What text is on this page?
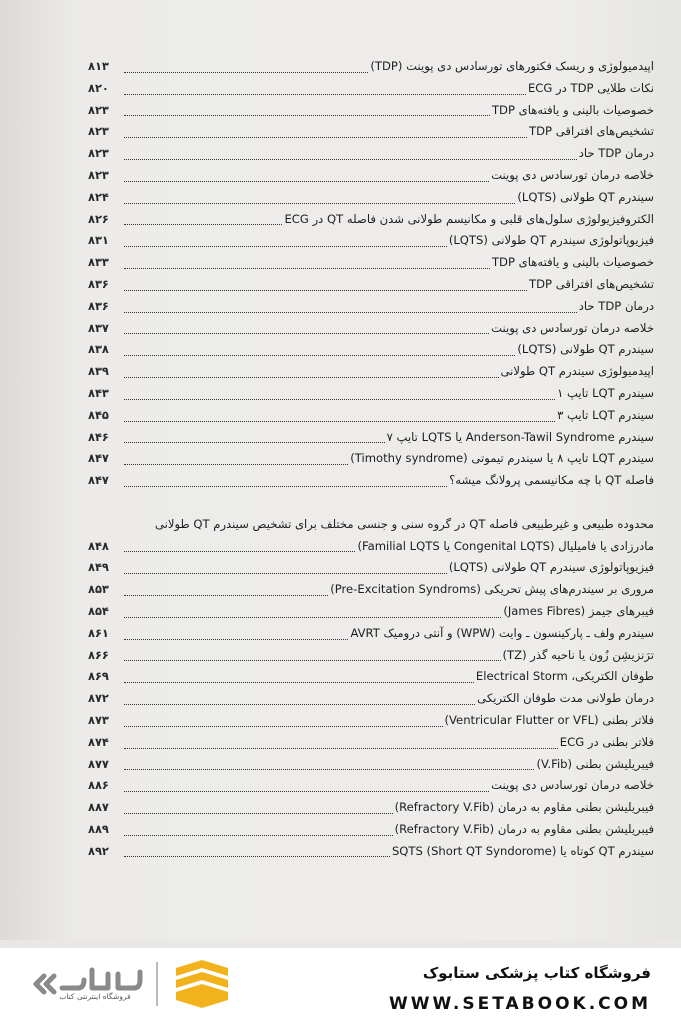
اپیدمیولوژی و ریسک فکتورهای تورسادس دی پوینت (TDP)
۸۱۳
نکات طلایی TDP در ECG
۸۲۰
خصوصیات بالینی و یافته‌های TDP
۸۲۳
تشخیص‌های افتراقی TDP
۸۲۳
درمان TDP حاد
۸۲۳
خلاصه درمان تورسادس دی پوینت
۸۲۳
سیندرم QT طولانی (LQTS)
۸۲۴
الکتروفیزیولوژی سلول‌های قلبی و مکانیسم طولانی شدن فاصله QT در ECG
۸۲۶
فیزیوپاتولوژی سیندرم QT طولانی (LQTS)
۸۳۱
خصوصیات بالینی و یافته‌های TDP
۸۳۳
تشخیص‌های افتراقی TDP
۸۳۶
درمان TDP حاد
۸۳۶
خلاصه درمان تورسادس دی پوینت
۸۳۷
سیندرم QT طولانی (LQTS)
۸۳۸
اپیدمیولوژی سیندرم QT طولانی
۸۳۹
سیندرم LQT تایپ ۱
۸۴۳
سیندرم LQT تایپ ۳
۸۴۵
سیندرم Anderson-Tawil Syndrome یا LQTS تایپ ۷
۸۴۶
سیندرم LQT تایپ ۸ یا سیندرم تیموتی (Timothy syndrome)
۸۴۷
فاصله QT با چه مکانیسمی پرولانگ میشه؟
۸۴۷
محدوده طبیعی و غیرطبیعی فاصله QT در گروه سنی و جنسی مختلف برای تشخیص سیندرم QT طولانی
مادرزادی یا فامیلیال (Congenital LQTS یا Familial LQTS)
۸۴۸
فیزیوپاتولوژی سیندرم QT طولانی (LQTS)
۸۴۹
مروری بر سیندرم‌های پیش تحریکی (Pre-Excitation Syndroms)
۸۵۳
فیبرهای جیمز (James Fibres)
۸۵۴
سیندرم ولف ـ پارکینسون ـ وایت (WPW) و آنتی درومیک AVRT
۸۶۱
ترَنزیشِن زُون یا ناحیه گذر (TZ)
۸۶۶
طوفان الکتریکی، Electrical Storm
۸۶۹
درمان طولانی مدت طوفان الکتریکی
۸۷۲
فلاتر بطنی (Ventricular Flutter or VFL)
۸۷۳
فلاتر بطنی در ECG
۸۷۴
فیبریلیشن بطنی (V.Fib)
۸۷۷
خلاصه درمان تورسادس دی پوینت
۸۸۶
فیبریلیشن بطنی مقاوم به درمان (Refractory V.Fib)
۸۸۷
فیبریلیشن بطنی مقاوم به درمان (Refractory V.Fib)
۸۸۹
سیندرم QT کوتاه یا SQTS (Short QT Syndorome)
۸۹۲
فروشگاه اینترنتی کتاب
فروشگاه کتاب پزشکی ستابوک
WWW.SETABOOK.COM
